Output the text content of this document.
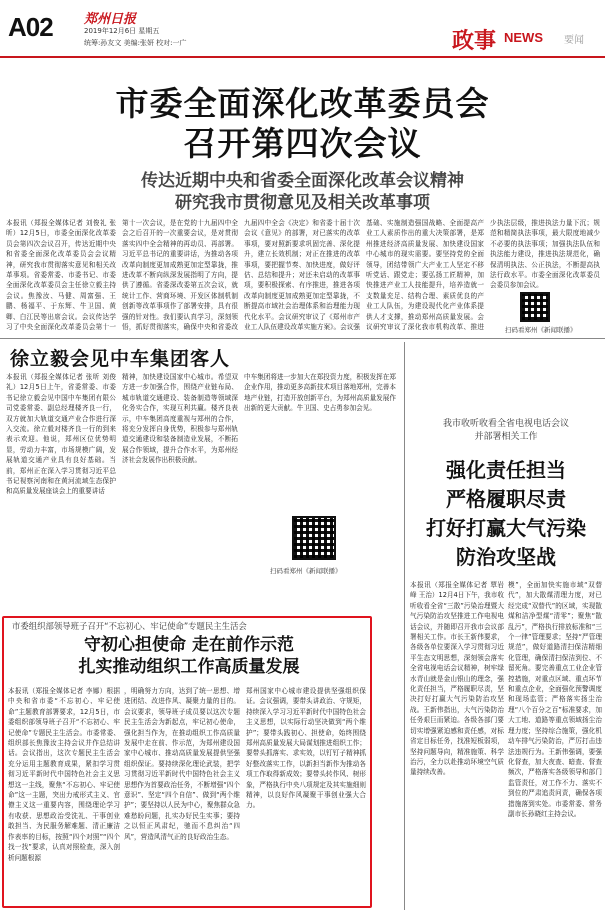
A02 郑州日报
2019年12月6日 星期五
统筹:孙友文 美编:张妍 校对:一广	政事 NEWS 要闻
市委全面深化改革委员会
召开第四次会议
传达近期中央和省委全面深化改革会议精神
研究我市贯彻意见及相关改革事项
本报讯（郑报全媒体记者 刘俊礼 张昕）12月5日，市委全面深化改革委员会第四次会议召开，传达近期中央和省委全面深化改革委员会会议精神，研究我市贯彻落实意见和相关改革事项。省委常委、市委书记、市委全面深化改革委员会主任徐立毅主持会议。焦豫汝、马健、周富强、王鹏、杨福平、于东辉、牛卫国、黄卿、白江民等出席会议。会议传达学习了中央全面深化改革委员会第十一
第十一次会议，是在党的十九届四中全会之后召开的一次重要会议，是对贯彻落实四中全会精神的再动员、再部署。习近平总书记的重要讲话，为推动各项改革向制度更加成熟更加定型靠拢，推进改革不断向纵深发展指明了方向，提供了遵循。省委深改委第五次会议，就统计工作、营商环境、开发区体制机制创新等改革事项作了部署安排，具有很强的针对性。我们要认真学习，深刻领悟，抓好贯彻落实，确保中央和省委改
九届四中全会《决定》和省委十届十次会议《意见》的部署，对已落实的改革事项，要对照新要求巩固完善、深化提升，建立长效机制；对正在推进的改革事项，要把握节奏、加快进度，做好评估、总结和提升；对还未启动的改革事项，要积极探索、有序推进，推进各项改革向制度更加成熟更加定型靠拢，不断提高市域社会治理体系和治理能力现代化水平。会议研究审议了《郑州市产业工人队伍建设改革实施方案》。会议强
基础、实施制造强国战略、全面提高产业工人素质作出的重大决策部署，是郑州推进经济高质量发展、加快建设国家中心城市的现实需要。要坚持党的全面领导，团结带领广大产业工人坚定不移听党话、跟党走；要弘扬工匠精神，加快推进产业工人技能提升，培养造就一支数量充足、结构合理、素质优良的产业工人队伍，为建设现代化产业体系提供人才支撑，推动郑州高质量发展。会议研究审议了深化我市机构改革、推进
少执法层级，推进执法力量下沉；规范和精简执法事项，最大限度地减少不必要的执法事项；加强执法队伍和执法能力建设，推进执法规范化，确保清明执法、公正执法，不断提高执法行政水平。市委全面深化改革委员会委员参加会议。
扫码看郑州《新闻联播》
徐立毅会见中车集团客人
本报讯（郑报全媒体记者 张昕 刘俊礼）12月5日上午，省委常委、市委书记徐立毅会见中国中车集团有限公司党委常委、副总经理楼齐良一行，双方就加大轨道交通产业合作进行深入交流。徐立毅对楼齐良一行的到来表示欢迎。他说，郑州区位优势明显，劳动力丰富，市场规模广阔，发展轨道交通产业具有良好基础。当前，郑州正在深入学习贯彻习近平总书记视察河南和在黄河流域生态保护和高质量发展座谈会上的重要讲话
精神，加快建设国家中心城市。希望双方进一步加强合作，围绕产业链布局、城市轨道交通建设、装备制造等领域深化务实合作，实现互利共赢。楼齐良表示，中车集团高度重视与郑州的合作，将充分发挥自身优势，积极参与郑州轨道交通建设和装备制造业发展，不断拓展合作领域，提升合作水平，为郑州经济社会发展作出积极贡献。
中车集团将进一步加大在郑投资力度，积极发挥在郑企业作用，推动更多高新技术项目落地郑州，完善本地产业链，打造开放创新平台，为郑州高质量发展作出新的更大贡献。牛卫国、史占勇参加会见。
扫码看郑州《新闻联播》
我市收听收看全省电视电话会议
并部署相关工作
强化责任担当
严格履职尽责
打好打赢大气污染
防治攻坚战
本报讯（郑报全媒体记者 覃岩峰 王治）12月4日下午，我市收听收看全省“三散”污染治理暨大气污染防治攻坚推进工作电视电话会议，并随即召开我市会议部署相关工作。市长王新伟要求，各级各单位要深入学习贯彻习近平生态文明思想，深刻领会落实全省电视电话会议精神，树牢绿水青山就是金山银山的理念，强化责任担当，严格履职尽责，坚决打好打赢大气污染防治攻坚战。王新伟指出，大气污染防治任务艰巨而紧迫。各级各部门要切实增强紧迫感和责任感，对标省定目标任务，找准短板弱项，坚持问题导向，精准施策、科学治污，全力以赴推动环境空气质量持续改善。
模”，全面加快实施市域“双替代”，加大散煤清理力度，对已经完成“双替代”的区域，实现散煤和洁净型煤“清零”；聚焦“散乱污”，严格执行排放标准和“三个一律”管理要求；坚持“严管理规范”，做好道路清扫保洁精细化管理，确保清扫保洁到位、不留死角。要完善重点工业企业管控措施，对重点区域、重点环节和重点企业，全面强化预警调度和现场监管；严格落实扬尘治理“八个百分之百”标准要求，加大工地、道路等重点领域扬尘治理力度；坚持综合施策，强化机动车排气污染防治，严厉打击违法违规行为。王新伟强调，要强化督查，加大夜查、暗查、督查频次，严格落实各级领导和部门监管责任，对工作不力、落实不到位的严肃追责问责，确保各项措施落到实处。市委常委、常务副市长孙晓红主持会议。
市委组织部领导班子召开“不忘初心、牢记使命”专题民主生活会
守初心担使命 走在前作示范
扎实推动组织工作高质量发展
本报讯（郑报全媒体记者 李娜）根据中央和省市委“不忘初心、牢记使命”主题教育部署要求，12月5日，市委组织部领导班子召开“不忘初心、牢记使命”专题民主生活会。市委常委、组织部长焦豫汝主持会议并作总结讲话。会议指出，这次专题民主生活会充分运用主题教育成果，紧扣学习贯彻习近平新时代中国特色社会主义思想这一主线，聚焦“不忘初心、牢记使命”这一主题，突出力戒形式主义、官僚主义这一重要内容，围绕理论学习有收获、思想政治受洗礼、干事创业敢担当、为民服务解难题、清正廉洁作表率的目标，按照“四个对照”“四个找一找”要求，认真对照检查，深入剖析问题根源
，明确努力方向，达到了统一思想、增进团结、改进作风、凝聚力量的目的。会议要求，领导班子成员要以这次专题民主生活会为新起点，牢记初心使命，强化担当作为，在推动组织工作高质量发展中走在前、作示范，为郑州建设国家中心城市、推动高质量发展提供坚强组织保证。要持续深化理论武装，把学习贯彻习近平新时代中国特色社会主义思想作为首要政治任务，不断增强“四个意识”、坚定“四个自信”、做到“两个维护”；要坚持以人民为中心，聚焦群众急难愁盼问题，扎实办好民生实事；要持之以恒正风肃纪，驰而不息纠治“四风”，营造风清气正的良好政治生态。
郑州国家中心城市建设提供坚强组织保证。会议强调，要带头讲政治、守规矩，持续深入学习习近平新时代中国特色社会主义思想，以实际行动坚决做到“两个维护”；要带头践初心、担使命，始终围绕郑州高质量发展大局谋划推进组织工作；要带头抓落实、求实效，以钉钉子精神抓好整改落实工作，以新担当新作为推动各项工作取得新成效；要带头转作风、树形象，严格执行中央八项规定及其实施细则精神，以良好作风凝聚干事创业强大合力。
